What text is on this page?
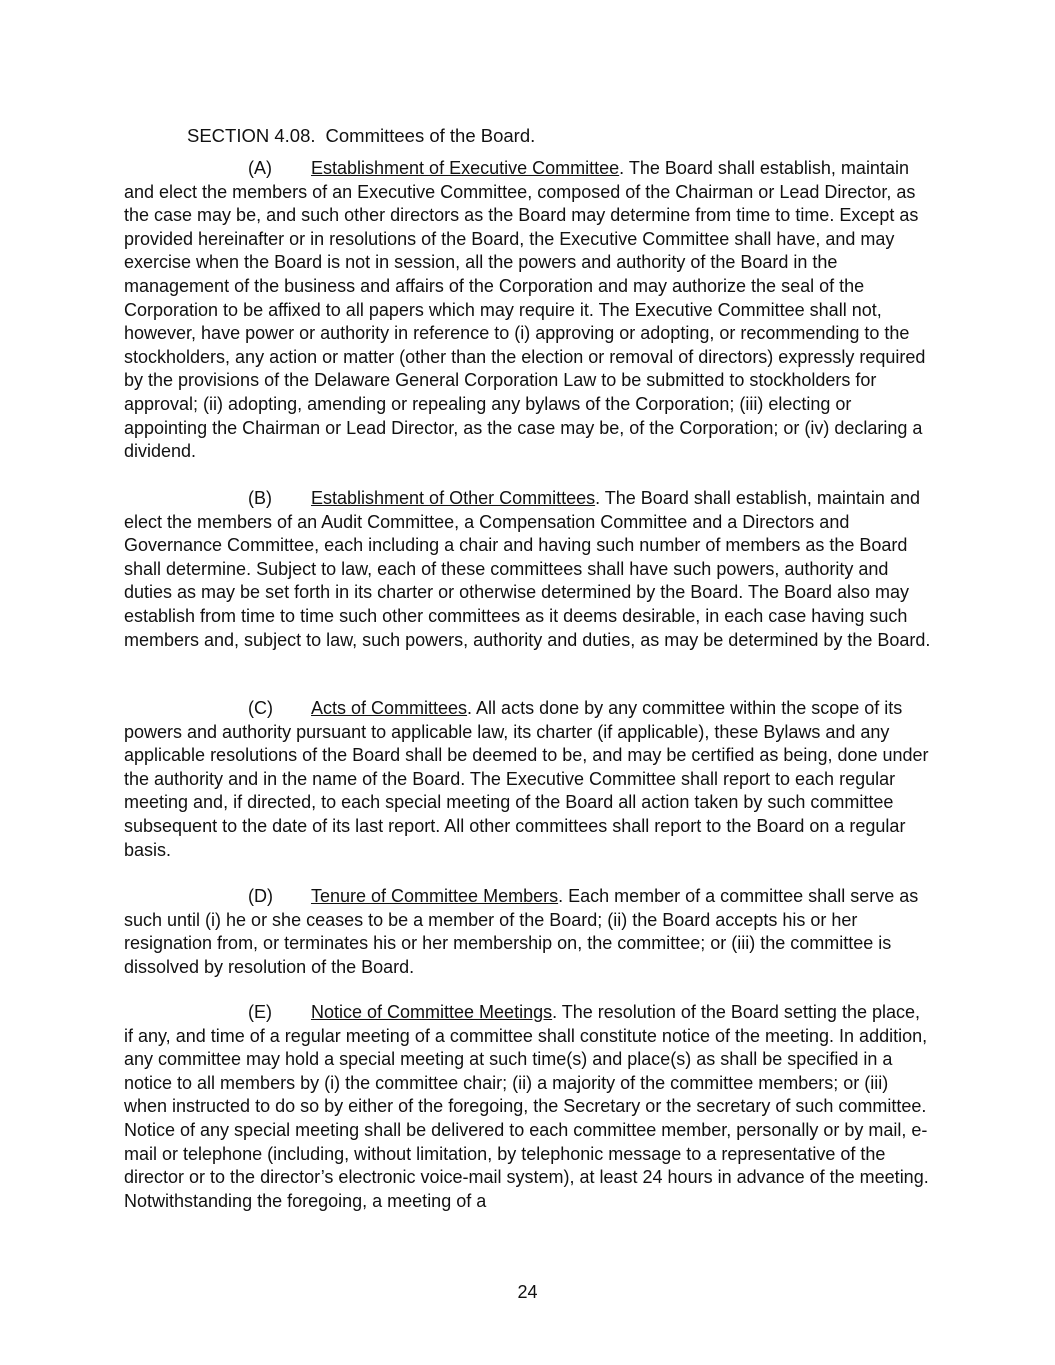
SECTION 4.08. Committees of the Board.

(A) Establishment of Executive Committee. The Board shall establish, maintain and elect the members of an Executive Committee, composed of the Chairman or Lead Director, as the case may be, and such other directors as the Board may determine from time to time. Except as provided hereinafter or in resolutions of the Board, the Executive Committee shall have, and may exercise when the Board is not in session, all the powers and authority of the Board in the management of the business and affairs of the Corporation and may authorize the seal of the Corporation to be affixed to all papers which may require it. The Executive Committee shall not, however, have power or authority in reference to (i) approving or adopting, or recommending to the stockholders, any action or matter (other than the election or removal of directors) expressly required by the provisions of the Delaware General Corporation Law to be submitted to stockholders for approval; (ii) adopting, amending or repealing any bylaws of the Corporation; (iii) electing or appointing the Chairman or Lead Director, as the case may be, of the Corporation; or (iv) declaring a dividend.

(B) Establishment of Other Committees. The Board shall establish, maintain and elect the members of an Audit Committee, a Compensation Committee and a Directors and Governance Committee, each including a chair and having such number of members as the Board shall determine. Subject to law, each of these committees shall have such powers, authority and duties as may be set forth in its charter or otherwise determined by the Board. The Board also may establish from time to time such other committees as it deems desirable, in each case having such members and, subject to law, such powers, authority and duties, as may be determined by the Board.

(C) Acts of Committees. All acts done by any committee within the scope of its powers and authority pursuant to applicable law, its charter (if applicable), these Bylaws and any applicable resolutions of the Board shall be deemed to be, and may be certified as being, done under the authority and in the name of the Board. The Executive Committee shall report to each regular meeting and, if directed, to each special meeting of the Board all action taken by such committee subsequent to the date of its last report. All other committees shall report to the Board on a regular basis.

(D) Tenure of Committee Members. Each member of a committee shall serve as such until (i) he or she ceases to be a member of the Board; (ii) the Board accepts his or her resignation from, or terminates his or her membership on, the committee; or (iii) the committee is dissolved by resolution of the Board.

(E) Notice of Committee Meetings. The resolution of the Board setting the place, if any, and time of a regular meeting of a committee shall constitute notice of the meeting. In addition, any committee may hold a special meeting at such time(s) and place(s) as shall be specified in a notice to all members by (i) the committee chair; (ii) a majority of the committee members; or (iii) when instructed to do so by either of the foregoing, the Secretary or the secretary of such committee. Notice of any special meeting shall be delivered to each committee member, personally or by mail, e-mail or telephone (including, without limitation, by telephonic message to a representative of the director or to the director’s electronic voice-mail system), at least 24 hours in advance of the meeting. Notwithstanding the foregoing, a meeting of a

24
